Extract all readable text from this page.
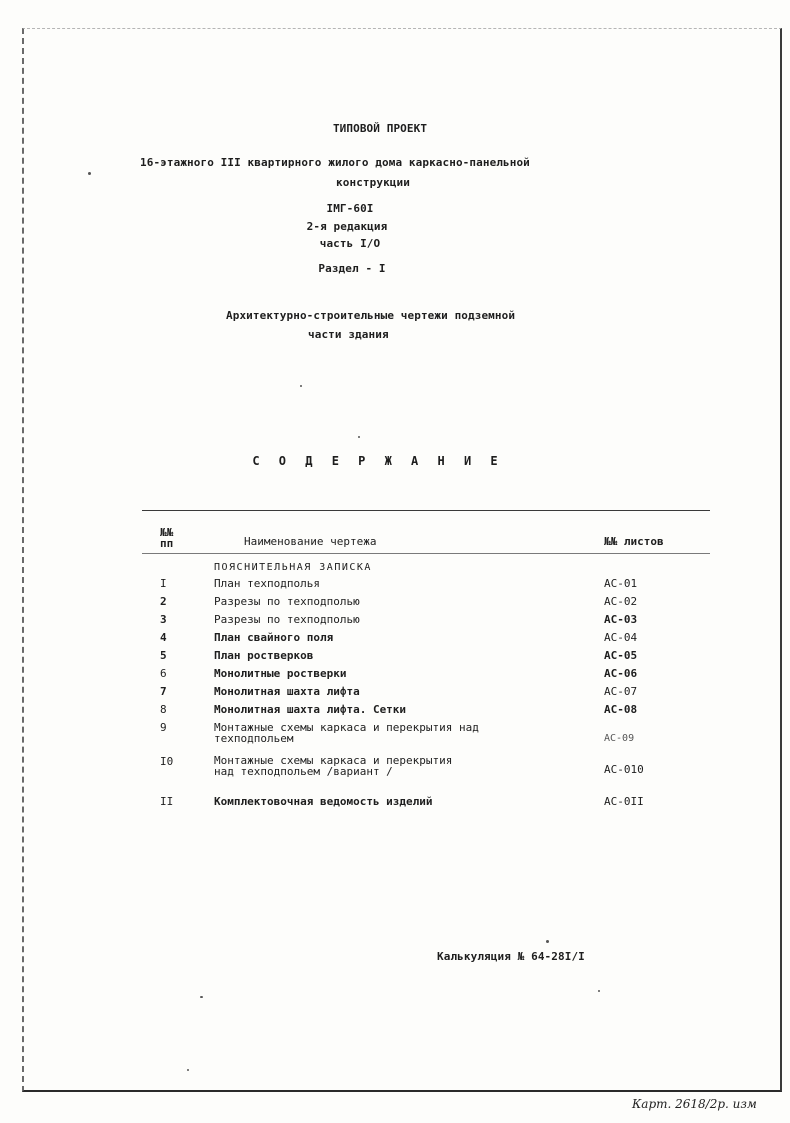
ТИПОВОЙ ПРОЕКТ
16-этажного III квартирного жилого дома каркасно-панельной
конструкции
IМГ-60I
2-я редакция
часть I/О
Раздел - I
Архитектурно-строительные чертежи подземной
части здания
С О Д Е Р Ж А Н И Е
№№
пп	Наименование чертежа	№№ листов
ПОЯСНИТЕЛЬНАЯ ЗАПИСКА
I	План техподполья	АС-01
2	Разрезы по техподполью	АС-02
3	Разрезы по техподполью	АС-03
4	План свайного поля	АС-04
5	План ростверков	АС-05
6	Монолитные ростверки	АС-06
7	Монолитная шахта лифта	АС-07
8	Монолитная шахта лифта. Сетки	АС-08
9	Монтажные схемы каркаса и перекрытия над
техподпольем	АС-09
I0	Монтажные схемы каркаса и перекрытия
над техподпольем /вариант /	АС-010
II	Комплектовочная ведомость изделий	АС-0II
Калькуляция № 64-28I/I
Карт. 2618/2р. изм
